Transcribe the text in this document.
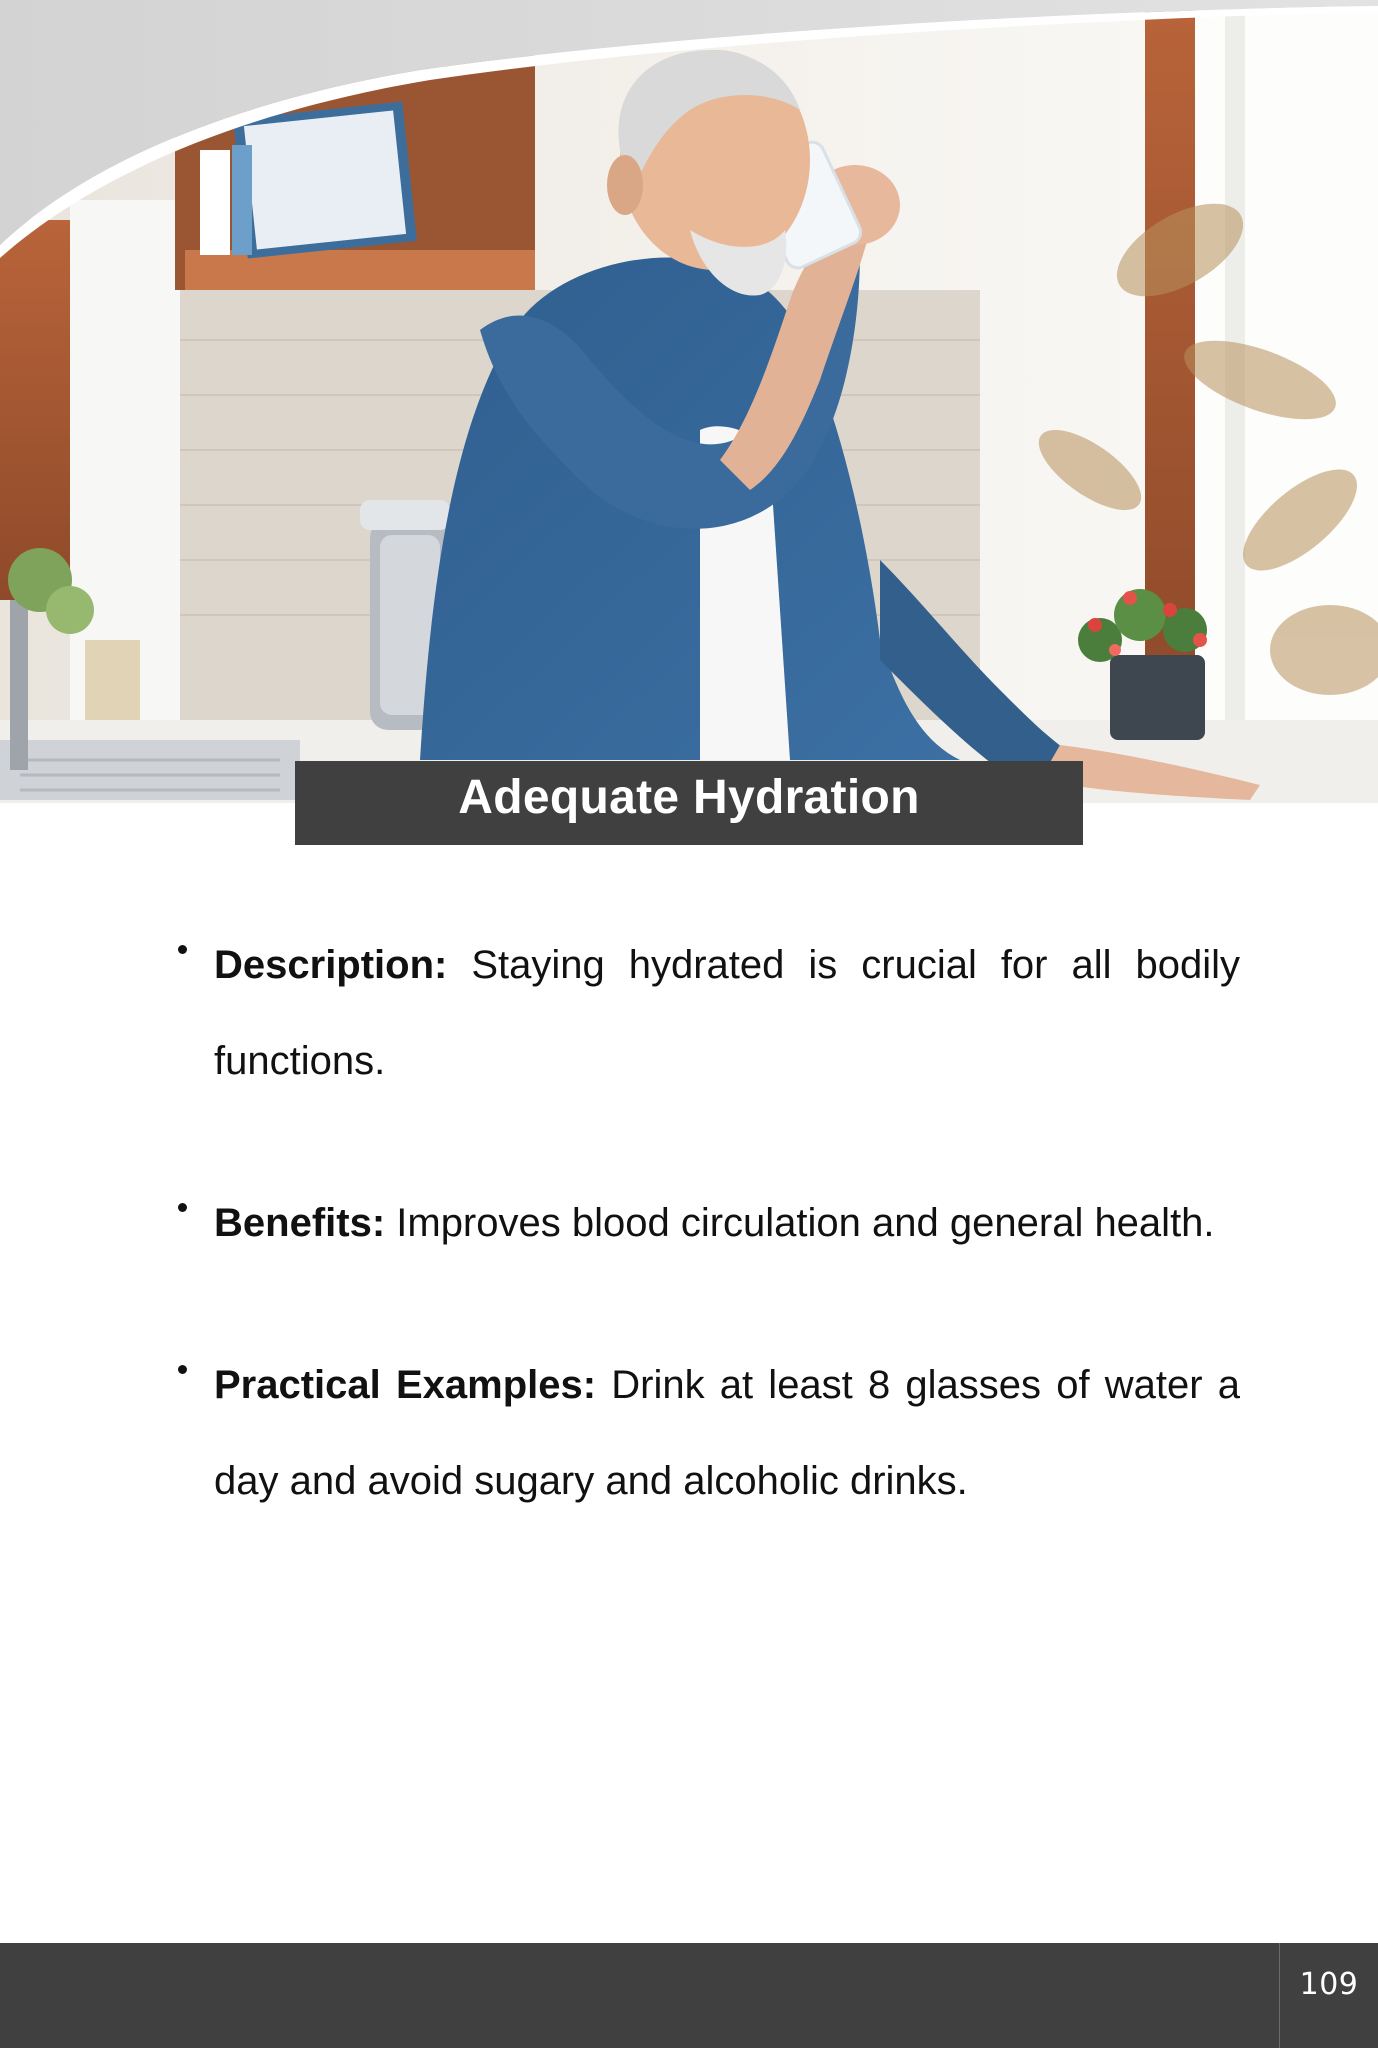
Adequate Hydration
Description: Staying hydrated is crucial for all bodily functions.
Benefits: Improves blood circulation and general health.
Practical Examples: Drink at least 8 glasses of water a day and avoid sugary and alcoholic drinks.
109
